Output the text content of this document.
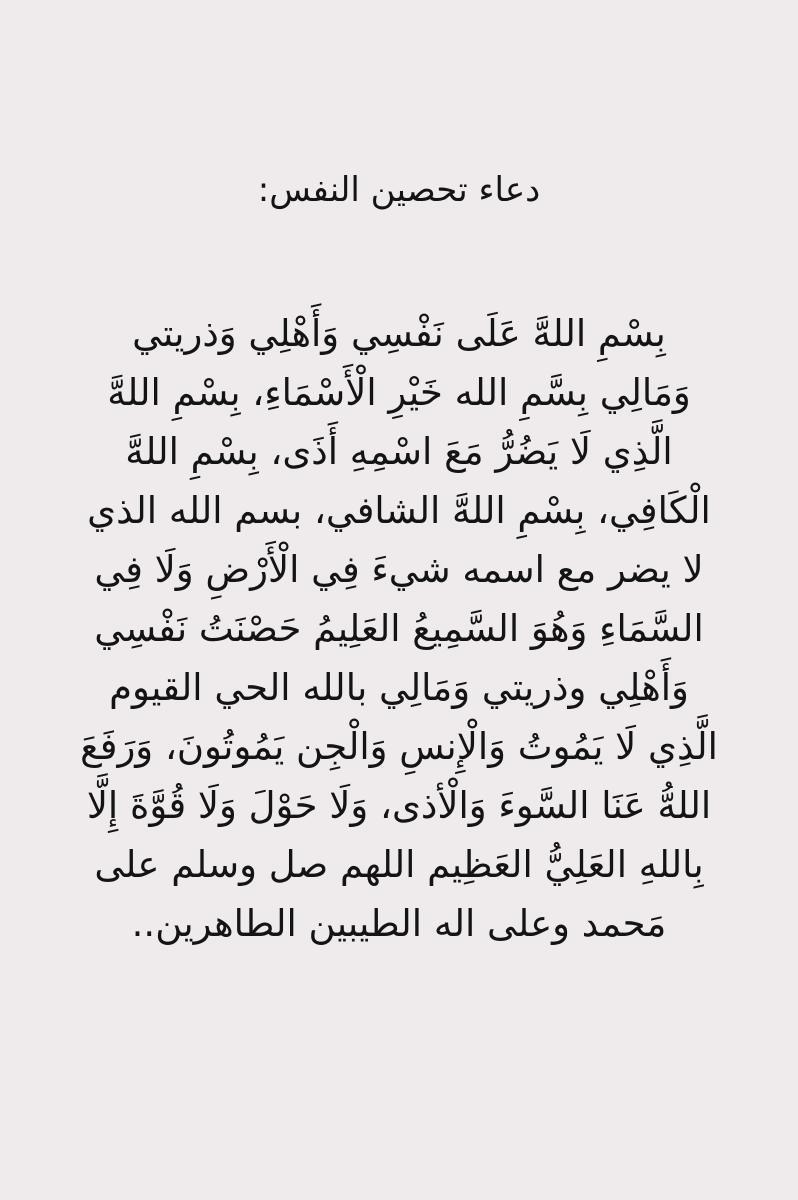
دعاء تحصين النفس:
بِسْمِ اللهَّ عَلَى نَفْسِي وَأَهْلِي وَذريتي
وَمَالِي بِسَّمِ الله خَيْرِ الْأَسْمَاءِ، بِسْمِ اللهَّ
الَّذِي لَا يَضُرُّ مَعَ اسْمِهِ أَذَى، بِسْمِ اللهَّ
الْكَافِي، بِسْمِ اللهَّ الشافي، بسم الله الذي
لا يضر مع اسمه شيءَ فِي الْأَرْضِ وَلَا فِي
السَّمَاءِ وَهُوَ السَّمِيعُ العَلِيمُ حَصْنَتُ نَفْسِي
وَأَهْلِي وذريتي وَمَالِي بالله الحي القيوم
الَّذِي لَا يَمُوتُ وَالْإِنسِ وَالْجِن يَمُوتُونَ، وَرَفَعَ
اللهُّ عَنَا السَّوءَ وَالْأذى، وَلَا حَوْلَ وَلَا قُوَّةَ إِلَّا
بِاللهِ العَلِيُّ العَظِيم اللهم صل وسلم على
مَحمد وعلى اله الطيبين الطاهرين..
